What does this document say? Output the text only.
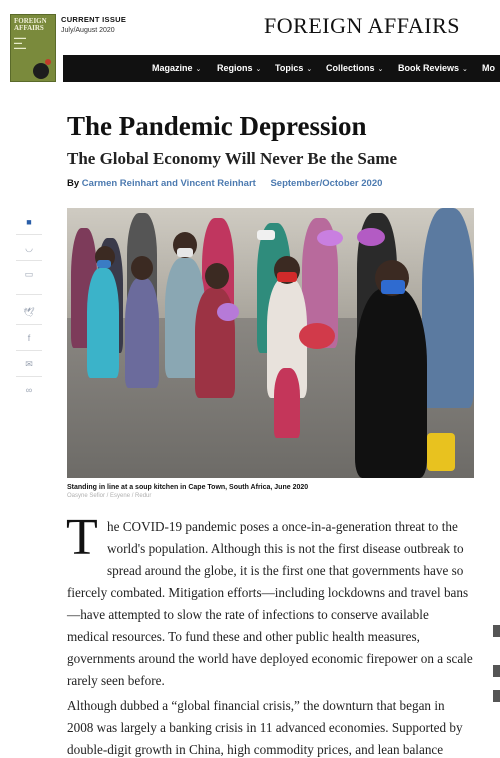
FOREIGN
AFFAIRS
▬▬▬
▬▬
▬▬▬
CURRENT ISSUE
July/August 2020	FOREIGN AFFAIRS
Magazine ⌄ Regions ⌄ Topics ⌄ Collections ⌄ Book Reviews ⌄ Mo
■
◡
▭
🕊
f
✉
∞
The Pandemic Depression
The Global Economy Will Never Be the Same
By Carmen Reinhart and Vincent Reinhart September/October 2020
Standing in line at a soup kitchen in Cape Town, South Africa, June 2020
Oasyne Sefior / Esyene / Redur
T he COVID-19 pandemic poses a once-in-a-generation threat to the
world's population. Although this is not the first disease outbreak to
spread around the globe, it is the first one that governments have so
fiercely combated. Mitigation efforts—including lockdowns and travel bans
—have attempted to slow the rate of infections to conserve available
medical resources. To fund these and other public health measures,
governments around the world have deployed economic firepower on a scale
rarely seen before.
Although dubbed a “global financial crisis,” the downturn that began in
2008 was largely a banking crisis in 11 advanced economies. Supported by
double-digit growth in China, high commodity prices, and lean balance
